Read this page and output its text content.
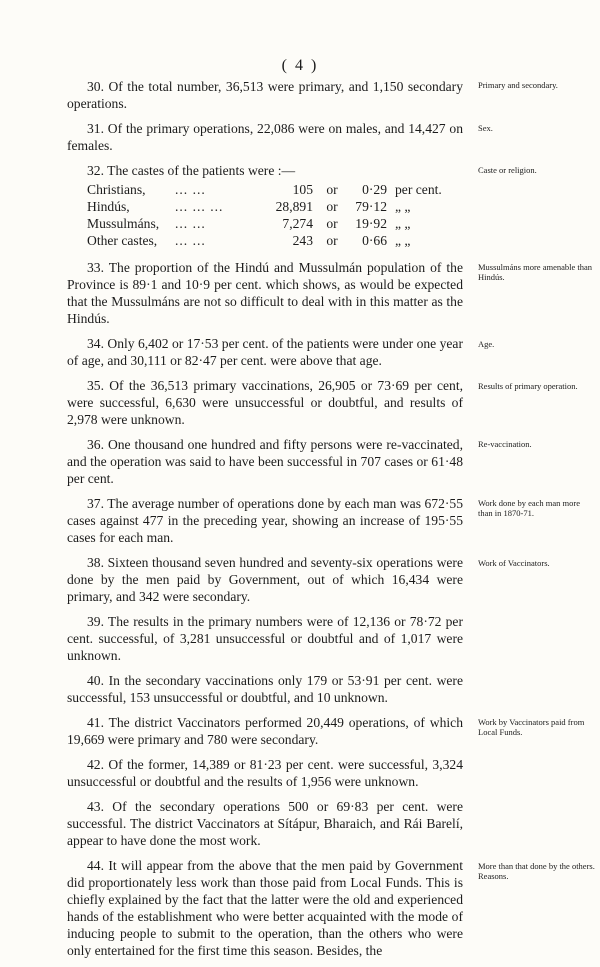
( 4 )

30. Of the total number, 36,513 were primary, and 1,150 secondary operations.
Primary and secondary.

31. Of the primary operations, 22,086 were on males, and 14,427 on females.
Sex.

32. The castes of the patients were :—	Caste or religion.

Christians,	... ...	105 or	0·29 per cent.
Hindús,	... ... ...	28,891 or	79·12 „ „
Mussulmáns,	... ...	7,274 or	19·92 „ „
Other castes,	... ...	243 or	0·66 „ „

33. The proportion of the Hindú and Mussulmán population of the Province is 89·1 and 10·9 per cent. which shows, as would be expected that the Mussulmáns are not so difficult to deal with in this matter as the Hindús.
Mussulmáns more amenable than Hindús.

34. Only 6,402 or 17·53 per cent. of the patients were under one year of age, and 30,111 or 82·47 per cent. were above that age.
Age.

35. Of the 36,513 primary vaccinations, 26,905 or 73·69 per cent, were successful, 6,630 were unsuccessful or doubtful, and results of 2,978 were unknown.
Results of primary operation.

36. One thousand one hundred and fifty persons were re-vaccinated, and the operation was said to have been successful in 707 cases or 61·48 per cent.
Re-vaccination.

37. The average number of operations done by each man was 672·55 cases against 477 in the preceding year, showing an increase of 195·55 cases for each man.
Work done by each man more than in 1870-71.

38. Sixteen thousand seven hundred and seventy-six operations were done by the men paid by Government, out of which 16,434 were primary, and 342 were secondary.
Work of Vaccinators.

39. The results in the primary numbers were of 12,136 or 78·72 per cent. successful, of 3,281 unsuccessful or doubtful and of 1,017 were unknown.

40. In the secondary vaccinations only 179 or 53·91 per cent. were successful, 153 unsuccessful or doubtful, and 10 unknown.

41. The district Vaccinators performed 20,449 operations, of which 19,669 were primary and 780 were secondary.
Work by Vaccinators paid from Local Funds.

42. Of the former, 14,389 or 81·23 per cent. were successful, 3,324 unsuccessful or doubtful and the results of 1,956 were unknown.

43. Of the secondary operations 500 or 69·83 per cent. were successful. The district Vaccinators at Sítápur, Bharaich, and Rái Barelí, appear to have done the most work.

44. It will appear from the above that the men paid by Government did proportionately less work than those paid from Local Funds. This is chiefly explained by the fact that the latter were the old and experienced hands of the establishment who were better acquainted with the mode of inducing people to submit to the operation, than the others who were only entertained for the first time this season. Besides, the
More than that done by the others. Reasons.
